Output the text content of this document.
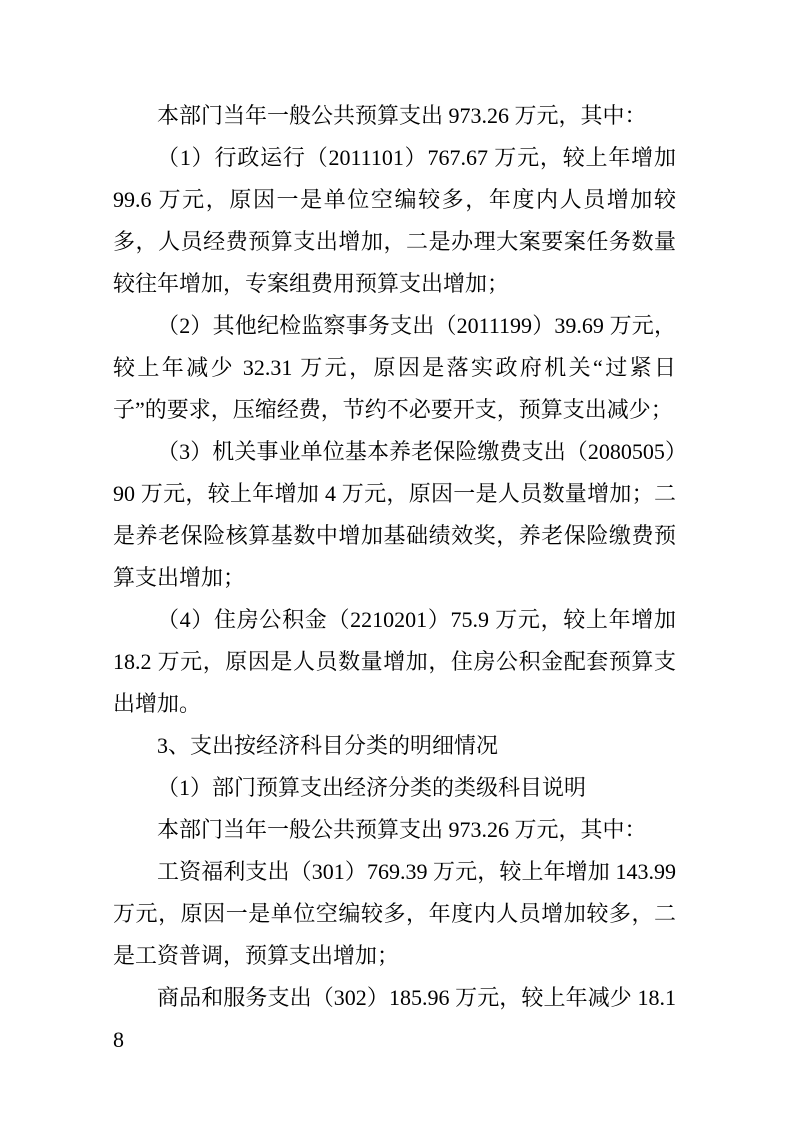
本部门当年一般公共预算支出 973.26 万元，其中：

（1）行政运行（2011101）767.67 万元，较上年增加 99.6 万元，原因一是单位空编较多，年度内人员增加较多，人员经费预算支出增加，二是办理大案要案任务数量较往年增加，专案组费用预算支出增加；

（2）其他纪检监察事务支出（2011199）39.69 万元，较上年减少 32.31 万元，原因是落实政府机关“过紧日子”的要求，压缩经费，节约不必要开支，预算支出减少；

（3）机关事业单位基本养老保险缴费支出（2080505）90 万元，较上年增加 4 万元，原因一是人员数量增加；二是养老保险核算基数中增加基础绩效奖，养老保险缴费预算支出增加；

（4）住房公积金（2210201）75.9 万元，较上年增加 18.2 万元，原因是人员数量增加，住房公积金配套预算支出增加。

3、支出按经济科目分类的明细情况

（1）部门预算支出经济分类的类级科目说明

本部门当年一般公共预算支出 973.26 万元，其中：

工资福利支出（301）769.39 万元，较上年增加 143.99 万元，原因一是单位空编较多，年度内人员增加较多，二是工资普调，预算支出增加；

商品和服务支出（302）185.96 万元，较上年减少 18.18
